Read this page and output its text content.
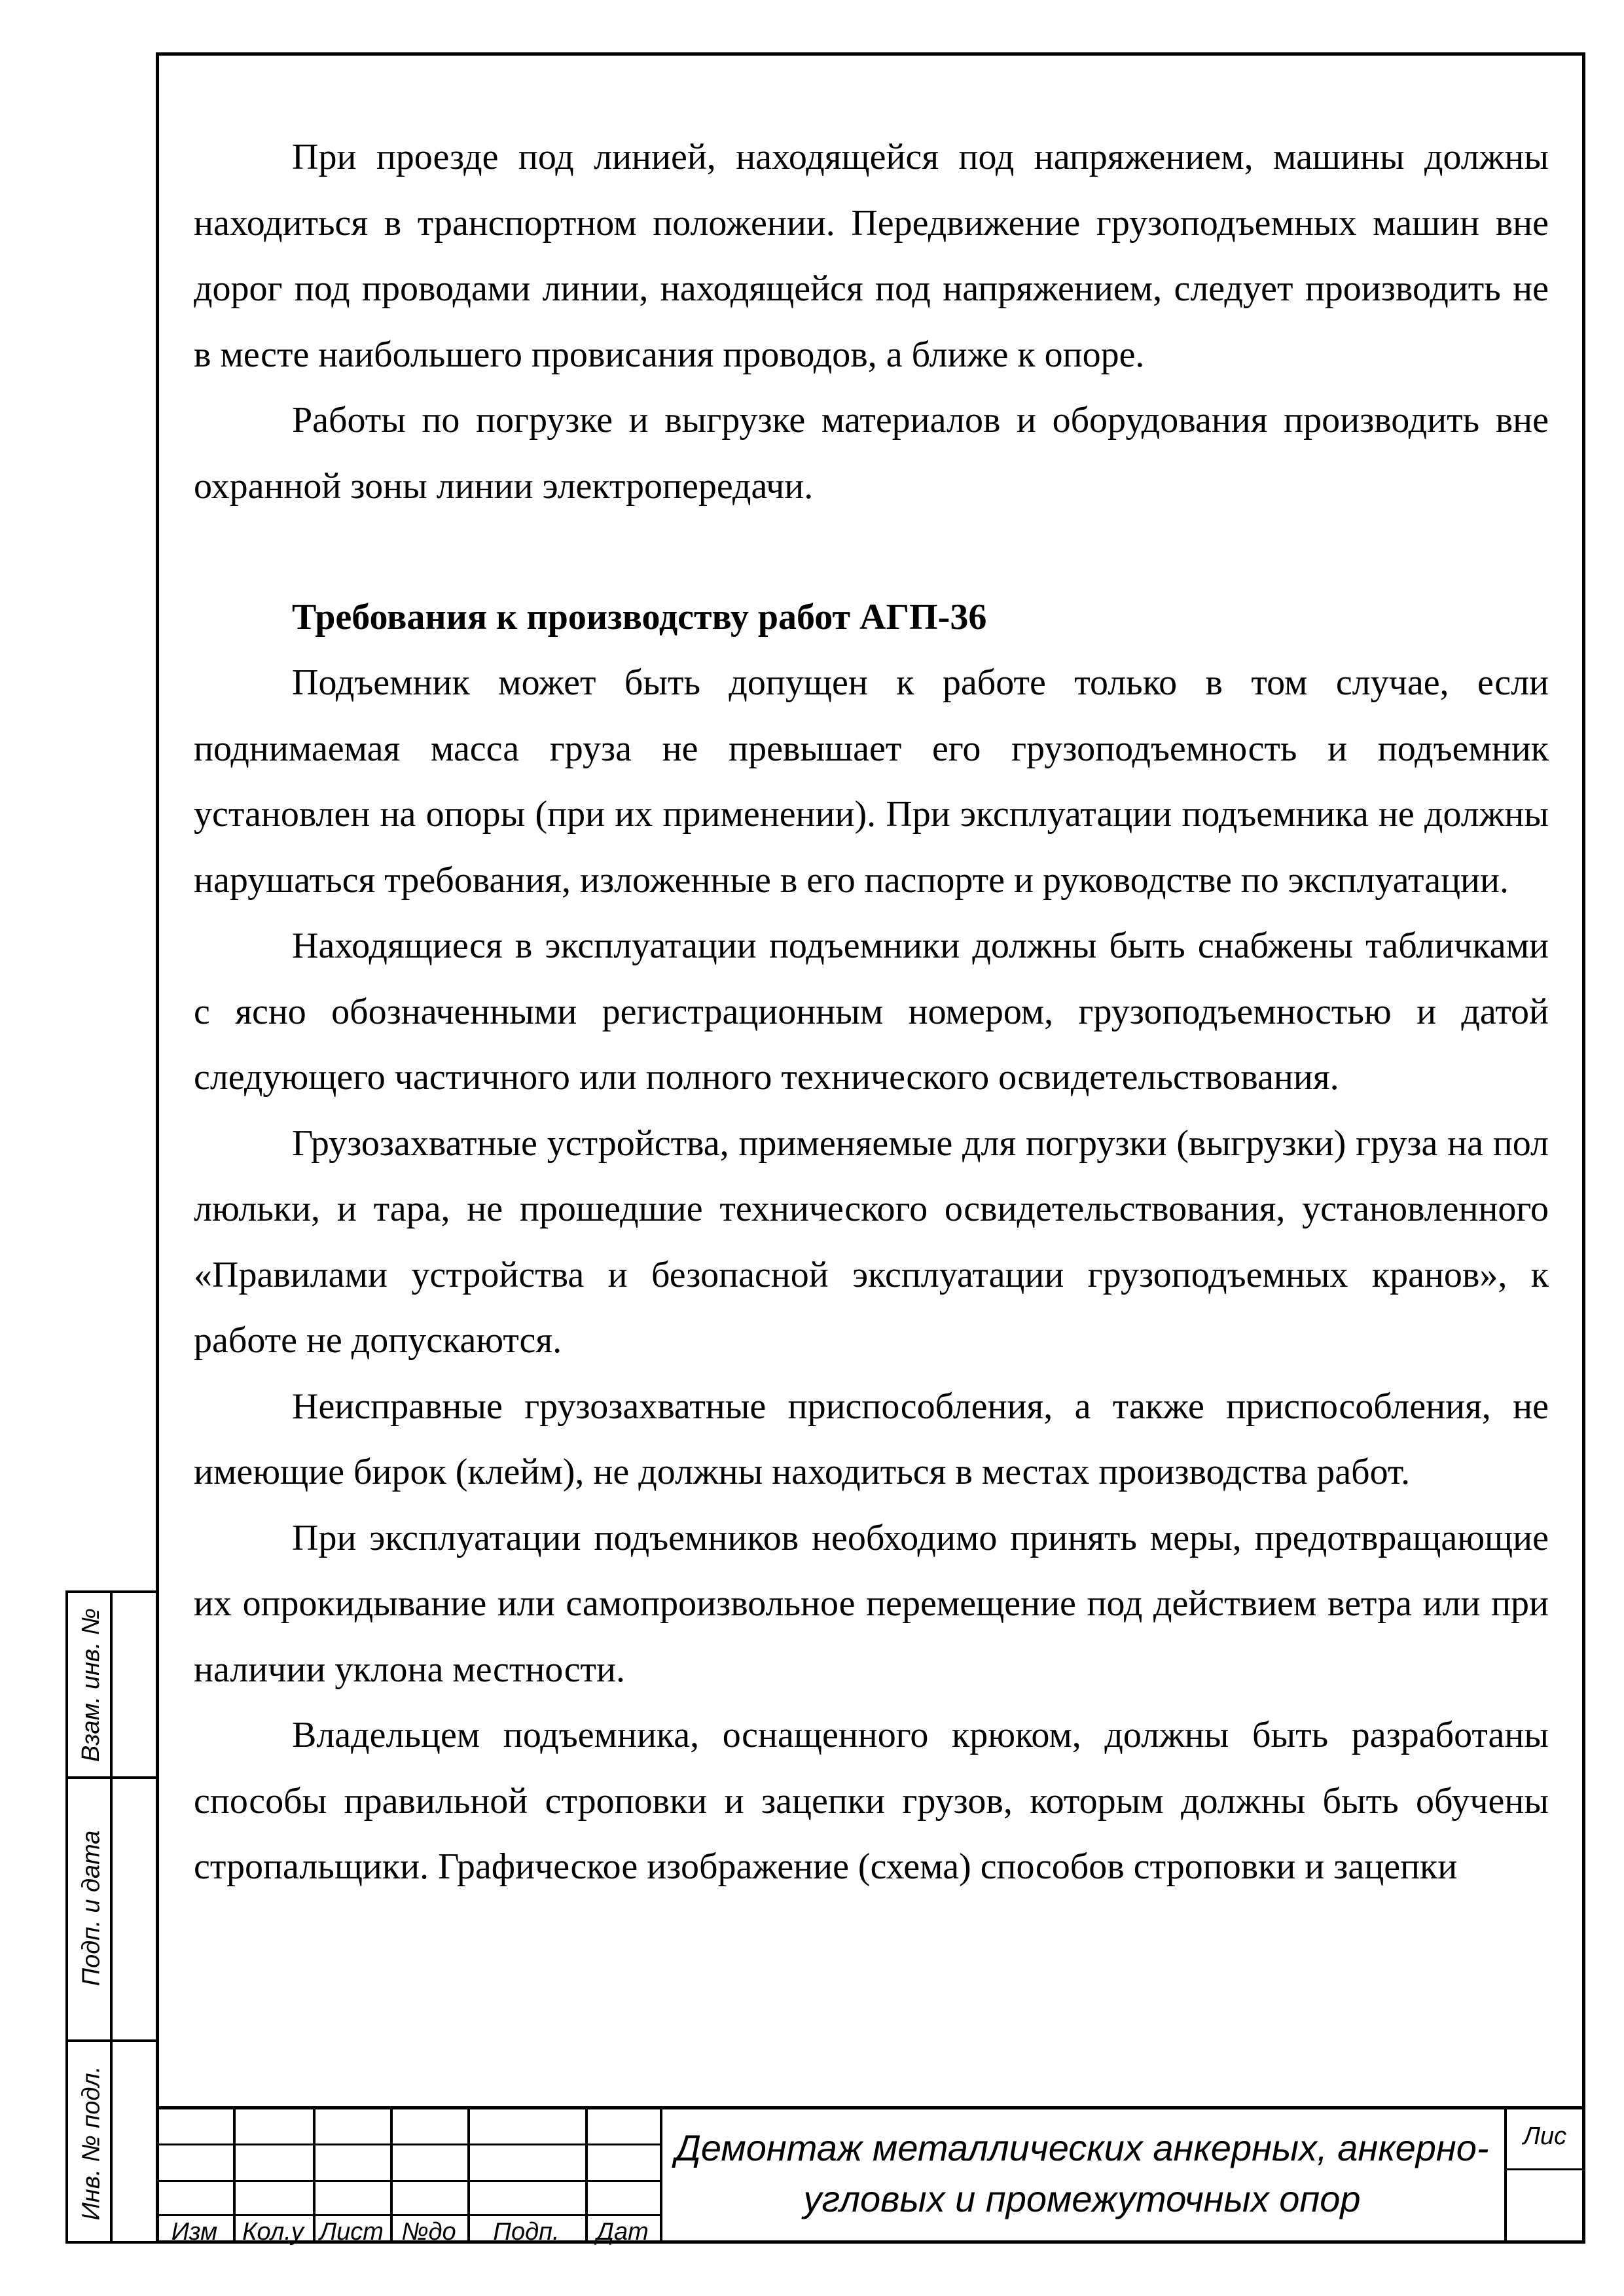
При проезде под линией, находящейся под напряжением, машины должны находиться в транспортном положении. Передвижение грузоподъемных машин вне дорог под проводами линии, находящейся под напряжением, следует производить не в месте наибольшего провисания проводов, а ближе к опоре.

Работы по погрузке и выгрузке материалов и оборудования производить вне охранной зоны линии электропередачи.

Требования к производству работ АГП-36

Подъемник может быть допущен к работе только в том случае, если поднимаемая масса груза не превышает его грузоподъемность и подъемник установлен на опоры (при их применении). При эксплуатации подъемника не должны нарушаться требования, изложенные в его паспорте и руководстве по эксплуатации.

Находящиеся в эксплуатации подъемники должны быть снабжены табличками с ясно обозначенными регистрационным номером, грузоподъемностью и датой следующего частичного или полного технического освидетельствования.

Грузозахватные устройства, применяемые для погрузки (выгрузки) груза на пол люльки, и тара, не прошедшие технического освидетельствования, установленного «Правилами устройства и безопасной эксплуатации грузоподъемных кранов», к работе не допускаются.

Неисправные грузозахватные приспособления, а также приспособления, не имеющие бирок (клейм), не должны находиться в местах производства работ.

При эксплуатации подъемников необходимо принять меры, предотвращающие их опрокидывание или самопроизвольное перемещение под действием ветра или при наличии уклона местности.

Владельцем подъемника, оснащенного крюком, должны быть разработаны способы правильной строповки и зацепки грузов, которым должны быть обучены стропальщики. Графическое изображение (схема) способов строповки и зацепки

Взам. инв. №
Подп. и дата
Инв. № подл.
Изм Кол.у Лист №до	Подп.	Дат
Демонтаж металлических анкерных, анкерно-
угловых и промежуточных опор
Лис
